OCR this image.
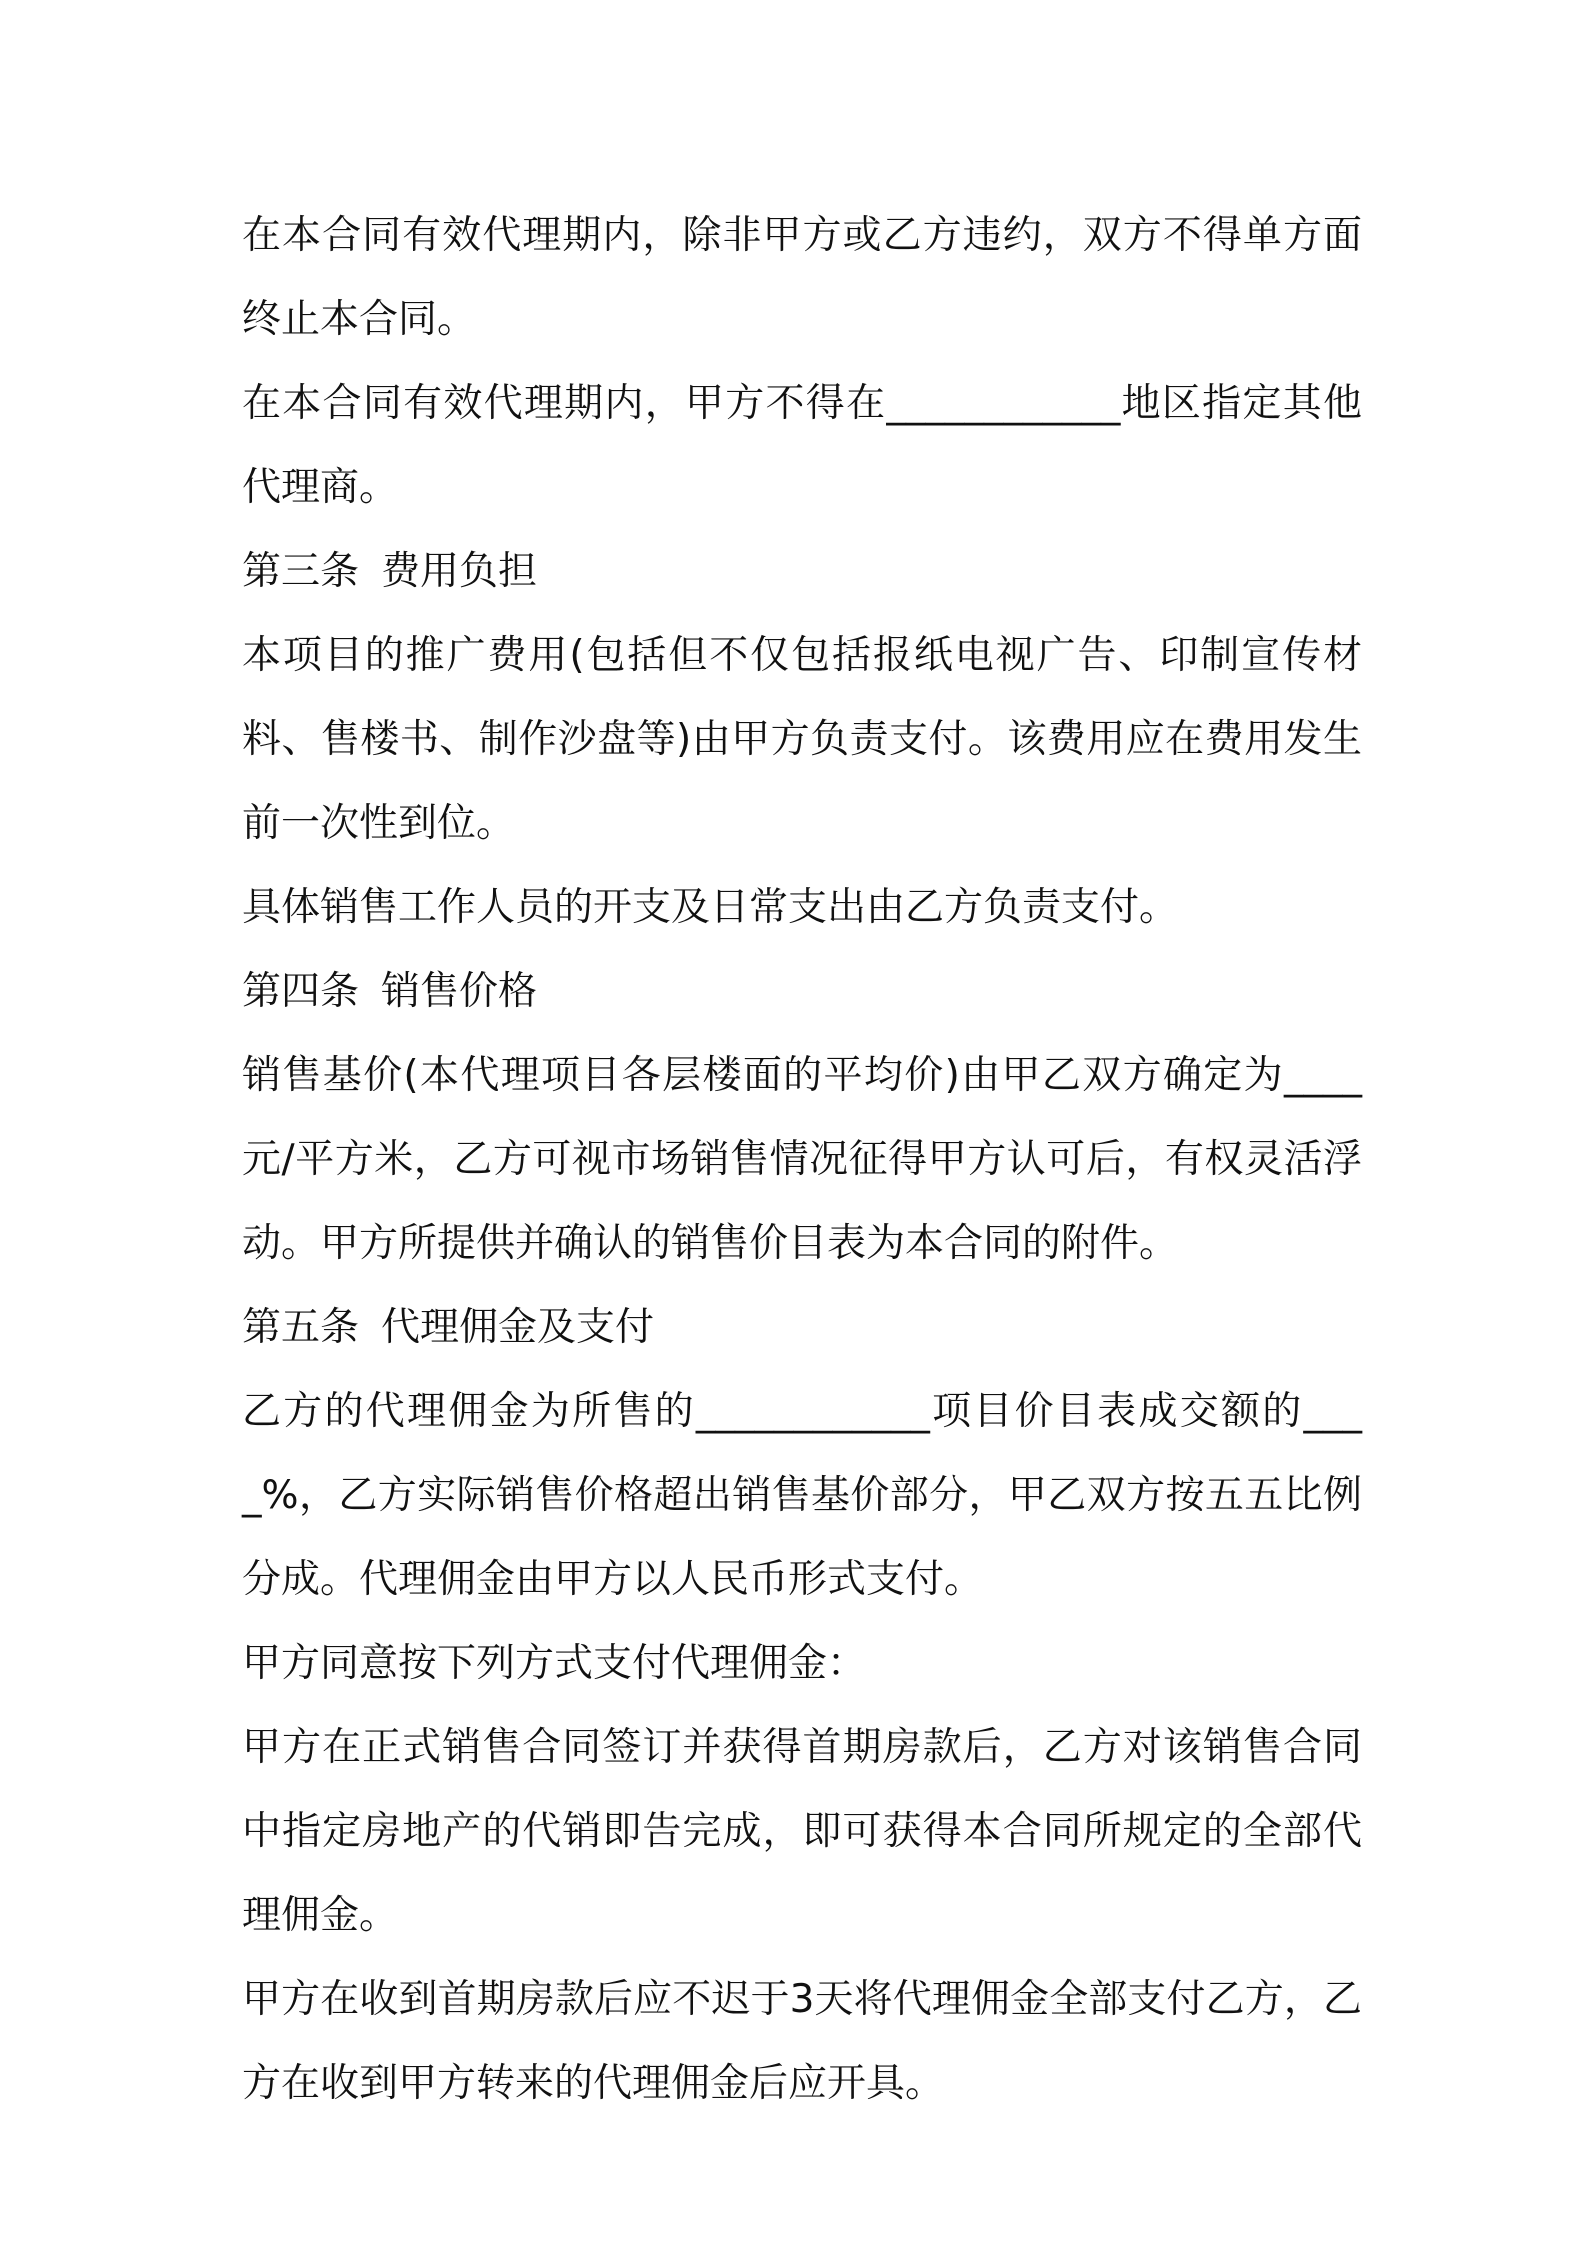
在本合同有效代理期内，除非甲方或乙方违约，双方不得单方面终止本合同。

在本合同有效代理期内，甲方不得在____________地区指定其他代理商。

第三条 费用负担

本项目的推广费用(包括但不仅包括报纸电视广告、印制宣传材料、售楼书、制作沙盘等)由甲方负责支付。该费用应在费用发生前一次性到位。

具体销售工作人员的开支及日常支出由乙方负责支付。

第四条 销售价格

销售基价(本代理项目各层楼面的平均价)由甲乙双方确定为____元/平方米，乙方可视市场销售情况征得甲方认可后，有权灵活浮动。甲方所提供并确认的销售价目表为本合同的附件。

第五条 代理佣金及支付

乙方的代理佣金为所售的____________项目价目表成交额的____%，乙方实际销售价格超出销售基价部分，甲乙双方按五五比例分成。代理佣金由甲方以人民币形式支付。

甲方同意按下列方式支付代理佣金：

甲方在正式销售合同签订并获得首期房款后，乙方对该销售合同中指定房地产的代销即告完成，即可获得本合同所规定的全部代理佣金。

甲方在收到首期房款后应不迟于3天将代理佣金全部支付乙方，乙方在收到甲方转来的代理佣金后应开具。
